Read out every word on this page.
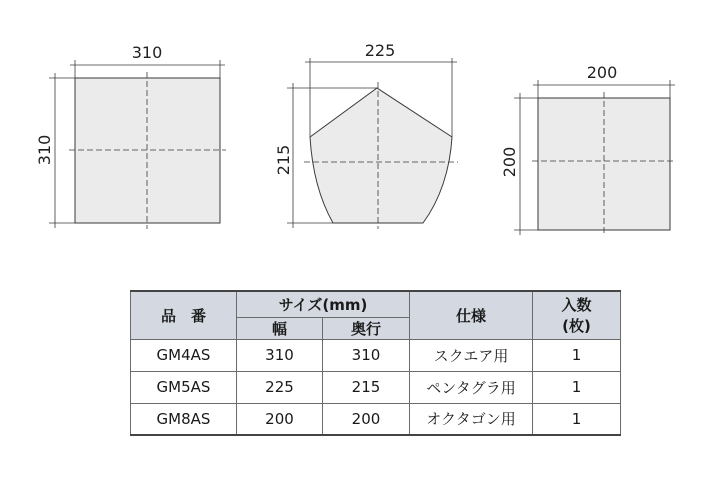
310
310
225
215
200
200
品　番	サイズ(mm)		仕様	入数
(枚)

	幅	奥行		
GM4AS	310	310	スクエア用	1
GM5AS	225	215	ペンタグラ用	1
GM8AS	200	200	オクタゴン用	1
